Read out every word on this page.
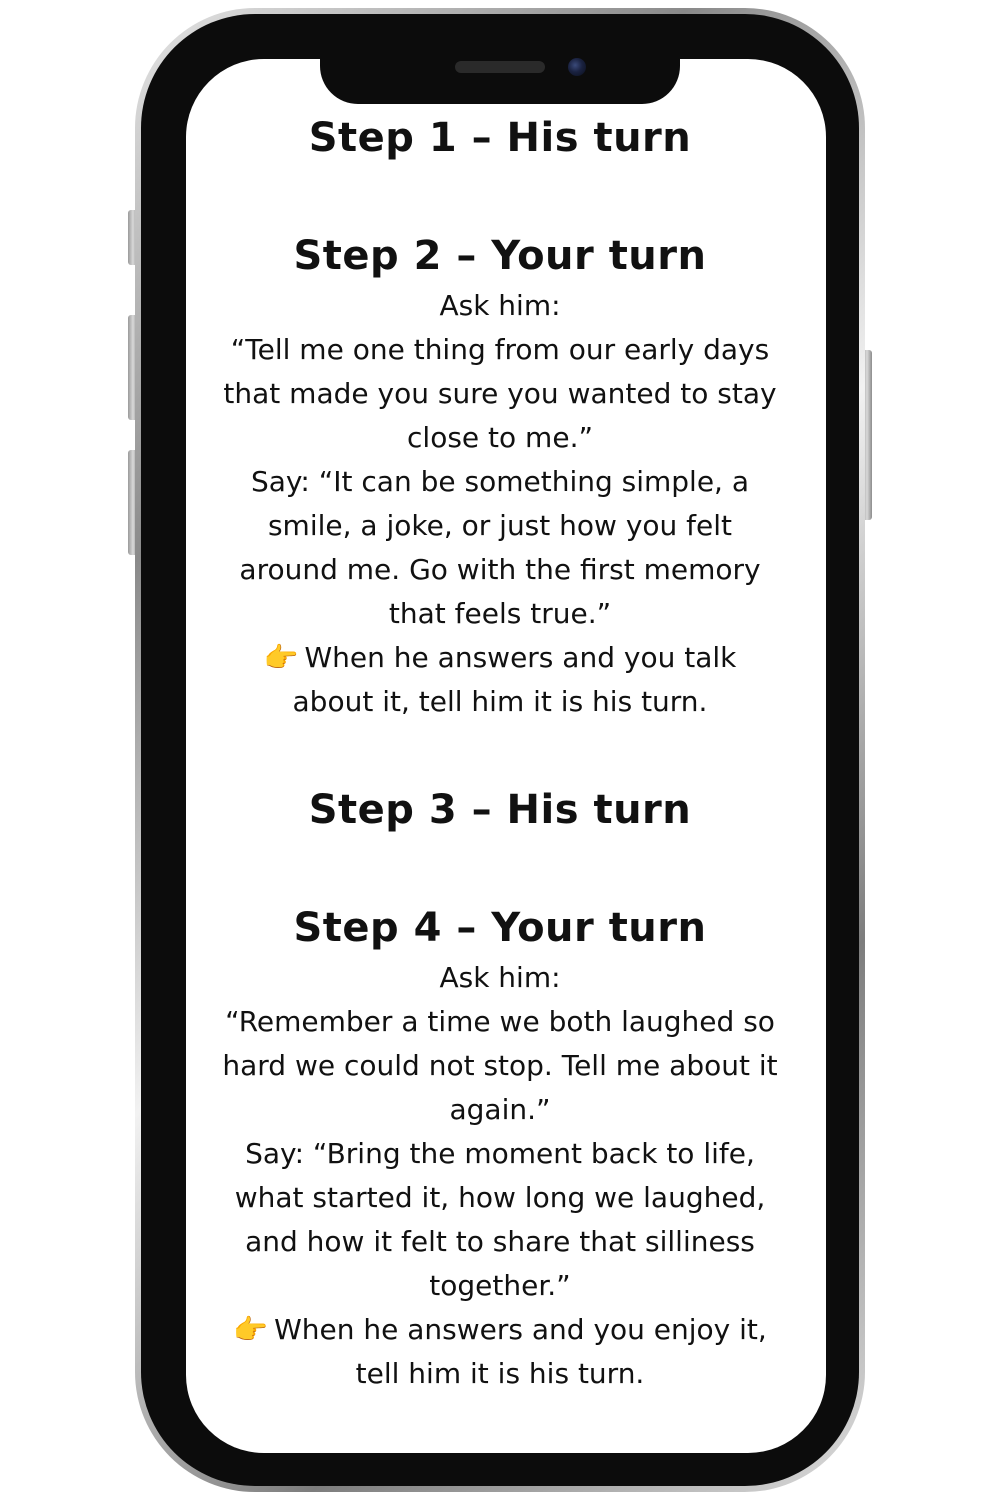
Step 1 – His turn
Step 2 – Your turn

Ask him:

“Tell me one thing from our early days

that made you sure you wanted to stay

close to me.”

Say: “It can be something simple, a

smile, a joke, or just how you felt

around me. Go with the first memory

that feels true.”

👉 When he answers and you talk

about it, tell him it is his turn.

Step 3 – His turn
Step 4 – Your turn

Ask him:

“Remember a time we both laughed so

hard we could not stop. Tell me about it

again.”

Say: “Bring the moment back to life,

what started it, how long we laughed,

and how it felt to share that silliness

together.”

👉 When he answers and you enjoy it,

tell him it is his turn.
